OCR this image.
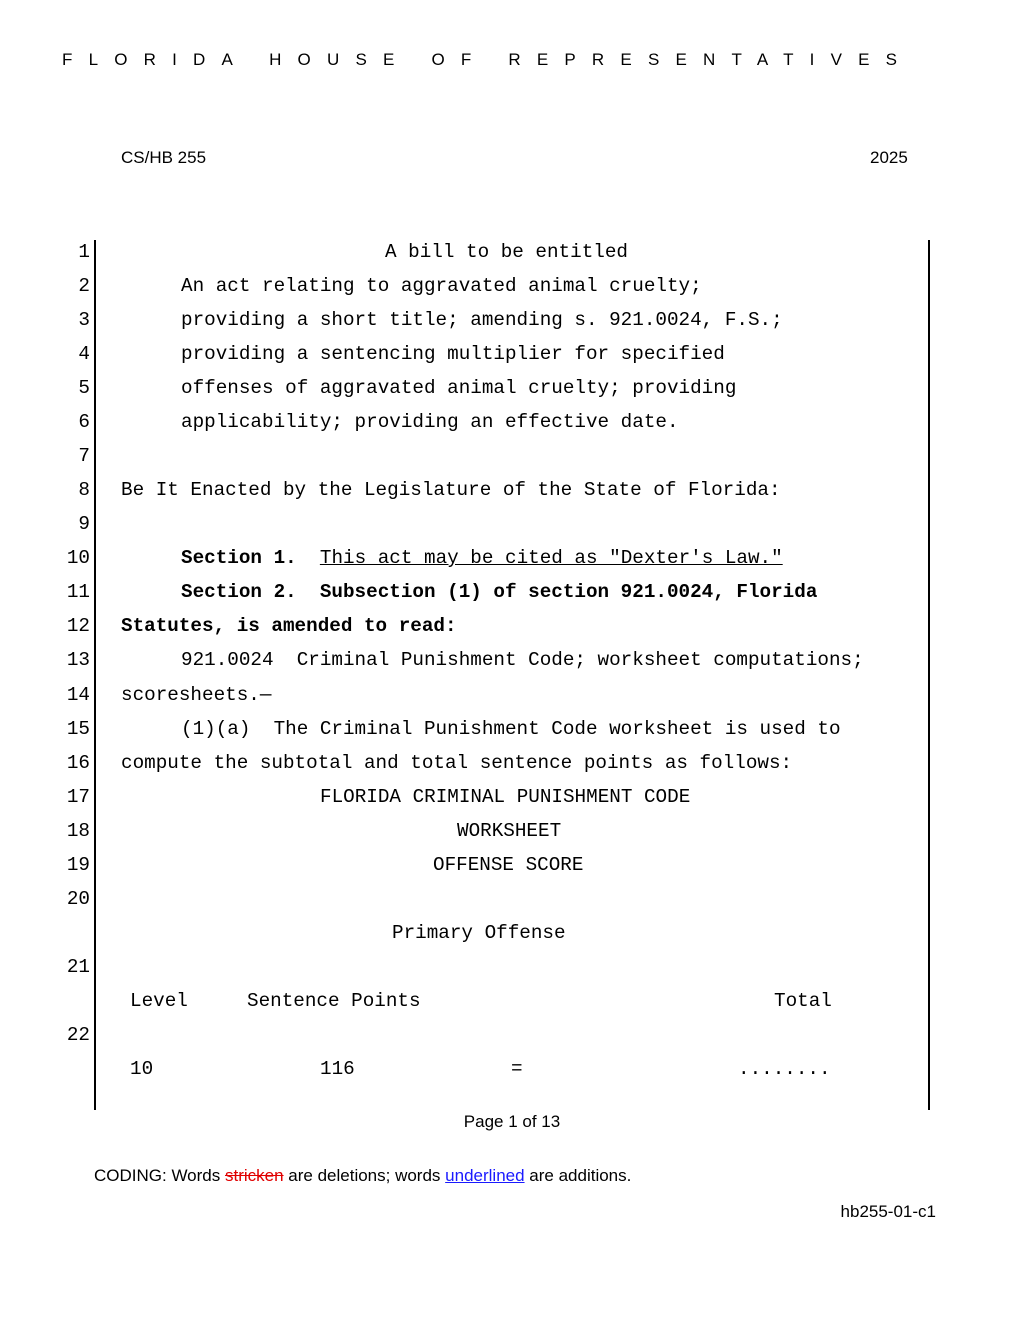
FLORIDA HOUSE OF REPRESENTATIVES
CS/HB 255	2025
1
2
3
4
5
6
7
8
9
10
11
12
13
14
15
16
17
18
19
20
21
22
A bill to be entitled
An act relating to aggravated animal cruelty;
providing a short title; amending s. 921.0024, F.S.;
providing a sentencing multiplier for specified
offenses of aggravated animal cruelty; providing
applicability; providing an effective date.
Be It Enacted by the Legislature of the State of Florida:
Section 1. This act may be cited as "Dexter's Law."
Section 2.  Subsection (1) of section 921.0024, Florida
Statutes, is amended to read:
921.0024  Criminal Punishment Code; worksheet computations;
scoresheets.—
(1)(a)  The Criminal Punishment Code worksheet is used to
compute the subtotal and total sentence points as follows:
FLORIDA CRIMINAL PUNISHMENT CODE
WORKSHEET
OFFENSE SCORE
Primary Offense
Level	Sentence Points	Total
10	116	=	........
Page 1 of 13
CODING: Words stricken are deletions; words underlined are additions.
hb255-01-c1
